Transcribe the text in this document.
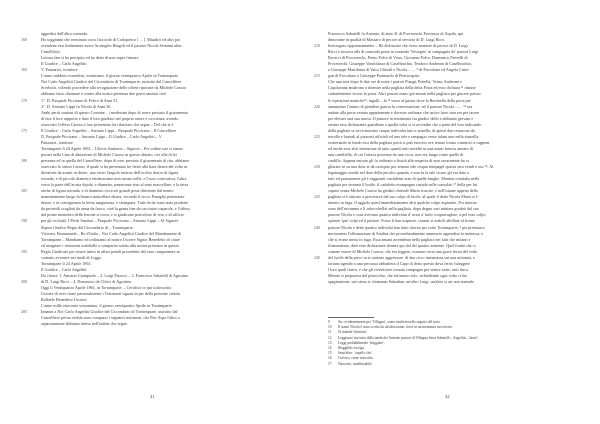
aggredisi dall'altra contrada.
160	Ha soggiunto che terminata circa l'accordo di Carlopietro [ ... ]. Maaaltri ed altri poi
avendone essi lindamente avere Arcangelo Ringoli ed il pastore Nicola Settanni alias
Castelli(n)i.
Lettura fata si ha percipito ed ha detto di non saper firmare.
Il Giudice – Carlo Angelitti
165	V. Panzarizi, fornitore
L'anno suddetto essendosi, essentiano, il giorno ventiquattro Aprile in Tornimparte
Noi Carlo Angelitti Giudice del Circondario di Tornimparte, assistito dal Cancelliere
Scerbotti, volendo procedere alla recognizione delle offese riportate da Michele Carozo
abbiamo fatto chiamare e venire alla nostra presenza due periti sanitari cioè
170	1°. D. Pasquale Piccirano di Felice di Anni 31.
2°. D. Antonio Lippi fu Nicola di Anni 36.
Ambi periti sanitari di questo Comune... i medesimi dopo di avere prestato il giuramento
di fare il loro rapporto e dare il loro giudizio nel proprio onore e coscienza, avendo
osservato l'offeso Caroso a loro presentato ha rilasciato che segue – Del che si è
175	Il Giudice – Carlo Angelitti – Antonio Lippi – Pasquale Piccirano – Il Cancelliere
D. Pasquale Piccirano – Antonio Lippi – Il Giudice – Carlo Angelitti – V.
Panzarizi, fornitore
Tornimparte li 24 Aprile 1861 – Ufficio Sanitario – Signore – Per ordine suo ci siamo
portati nella Casa di abitazione di Michele Caroso in questo abitato, ove alla di lei
180	presenza ed in quella del Cancelliere, dopo di aver prestato il giuramento di rito, abbiamo
osservato lo stesso Caroso, il quale si ha presentato tre ferite alla base destra del volto in
direzione da avanti in dietro, una verso l'angolo esterno dell'occhio destro di figura
rotonda, e di piccolo diametro estrinsecante non invaso nelle, e l'osso corticonica, l'altra
verso la parte dell'arcata dipola, e diametro, penetrante sino al seno mascellare; e la terza
185	anche di figura rotonda, e di diametro circa sei grandi poste direzione dal mento
manentamente lungo la branca mascellare destra, secondo il secco Panaglio penetrante
destro, e in consiguenza la ferita sanguinosa, e sfrangiata. Tutte ferite sono state prodotte
da proiettili scagliati da arma da fuoco, cioè la grana fine da cacciatori caparole, e l'offesa
dal primo momento della lesione si trova, e si giudicano pericolose di vita, e di ufficio
190	per gli occhiali. I Periti Sanitari – Pasquale Piccirano – Antonio Lippi – Al Signore
Signor Giudice Regio del Circondario di – Tornimparte.
Visivato, Emmanuele – Re d'Italia – Noi Carlo Angelitti Giudice del Mandamento di
Tornimparte – Mandiamo ed ordiniamo al nostro Usciere Signor Benedetto di citare
ed assignare i testimoni sottobelle a comparire subito alla nostra presenza in questo
195	Regio Giudicato per essere intesi in affari penali procedenti dal caso componente in
contatto avvenire nei modi di Legge.
Tornimparte li 24 Aprile 1861.
Il Giudice – Carlo Angelitti
Da citarsi: 1. Antonio Giampaolo – 2. Luigi Pacucci – 3. Francesco Sabatelli di Agostino
200	di D. Luigi Ricci – 4. Domenico de Clirici di Agostino
Oggi li Ventiquattro Aprile 1861, in Tornimparte. – Certifico io qui sottoscritto
Usciere di aver citato personalmente i Testimoni signati in per della presente cedola.
Raffaele Benedetto Usciere.
L'anno mille ottocento sessantuno, il giorno ventiquattro Aprile in Tornimparte
205	Innanzi a Noi Carlo Angelitti Giudice del Circondario di Tornimparte, assistito dal
Cancelliere presta cedola sono comparsi i segnanti testimoni, che Pier Aspo l'altro a
separatamente abbiamo inteso nell'ordine che segue.
41
Francesco Sabatelli fu Antonio, di anni 41 di Proceserchi Provincia di Aquila, qui
dimorante in qualità di Massaro di pecore al servizio di D. Luigi Ricci.
210 Interrogato opportunamente – Ha dichiarato che verso maniere di pecore di D. Luigi
Ricci e trovava alla di contrada posta in contrada 'Vestegno' in compagnia de' pastori Luigi
Pacucci di Proceserchi, Pietro Polce di Visso, Giovanni Polce, Domenico Pietrelli di
Proceserchi, Giuseppe Vandolazza di Caselbrachio, Teodoro Andreani di Caselbrachio,
e Giuseppe Martilania di Vairo Ghieali e Nicola ....... ⁹ di Procolano ed Angelo Caste-
215 gan di Procolano e Giuseppe Poninardo di Pietracupita.
Che una sera dopo le due ore di notte i pastori Piangì, Pettella, Veina, Andreani e
Capolavana andarono a dormire nella pagliaia della detta Posta ed esso dichiara ¹¹ rimase
cudanfemente vicino la porta. Altri pastori erano già entrati nella pagliara per giacere presso
le ripetizioni maniche¹², ingolli – la ¹³ verso al pastor dove la Bertarella della porta per
220 annunziare l'animo di prendere guerra la conversazione, ed il pastore Nicola ....... ¹⁴ era
andato alla porta venian appartenente e dovesse ordinare che uscire fuori non era per tacere
per elevare una sua nuova. Il pastore in testimonia fra giudici dello e abbiamo giovani e
sarano esso dichiarante guardiano a quella volta si sì avvendre che a parte del loro indicando
della pagliaia se avvicinavano cinque individui tutti e armella, di questi due restarono da
225 terrallo e laterali al pizzonti ufficiali ed uno tele e rampagio verso taluni uno nella stanzilla
esisterando in fondo essi della pagliaia potrà si può esercito ove tenuto forma cominciò a cappeni,
ed anche esse altri intenzione di tutto quanti tutti novello in una mano frencia armato di
una cuntiliella, di cui l'ottava presenza da una cicca, non era lunga come quello di
cardillo. Appena entrato gli fu ordinato a fissità alla respecta di non cavarmente ha oi
230 gliarato se su una dose ai da ossequio por armaro ede cisqua sempagel questa sera vendi e oso ¹⁶. Al
legamaggio inutile nel dare della pecolio quanda, e non fu la tale sicuro gli era dato a
tutti ed pratramente gli è ragguanti confidenti eran di quelle lunghe. Monton ortatiaba nella
pagliaia per terrante il botile, il cadaletto esampagno riattale sulle consolati ¹⁷ della per lui
capace senza Michele Caroso ha gridato chiesale Maria riuscite, e nell'istante appena della
235 pagliaia si è attivato a precessiva dal suo colpo di fucile, al quale il detto Nicola Maria si è
intento in fuga. Il aggiolo quest'immediatamente altri qualche colpo aspirante. Poi intorno
sono dell'escaunno e li inforcchellei nella pagliaia, dopo degno vari miniera gradati dal suo
pastore Nicola e cosa avevano quattro individui d' avari a' farlo coopravaglare, a pel esso colpo
spianto 'que' colpi ed il pastore. Fosse li han sospesio, ciaunii si erabili affollate al fronte
240 pastore Nicola e dette quattro individui han fatto ritorno per sotto Tornimparte, ² per premisero
movimento l'affirmazione di Sindisa che procedurabmente annessero appendise la mettessa, e
che si erano messi in fuga. Essa ansani arrendento nella pagliara nei fatti che mitano e
fitamaniento, dine esse dichiarante dormia qui dal dei quattro armente. Quel franla che ci
comare essere di Michele Caroso, che era leggero, essenno certa una grave ferita del vodo
245 del fucile della privo in si trattano aggressore, di due circo intermassa sui una mitomia, e
fartano agendo a una percussa abbasbera il Capo di detto questo dova ferito fuieggere
l loro quali finiva, e che gli rivestiriore tornata compagna per venire notte, tutti finca
Mentre si preparava del pistoschio, che infinanco solo, richiedendo ogni volta ci'tita
spaginasione, sue sieno si chiamano Sabadian, un'altro Luigi, un'altro si sai non tenendo
9 Sic: evidentemente per 'Villagna', come risulterà nello seguito del testo.
10 Il nome Nicola è stato scritto da un'altra mano, forse in un momento successivo.
11 Si intende 'dormiva'.
12 Leggiamo 'ma tutto della tanda dei Antonio pastori di Villagna Serra Sabatelli – Angelitti – Ianni'.
13 Leggi probabilmente 'vinggiare'.
14 Illeggibile tra riga.
15 Senz'altro: 'capello che'.
16 Corsivo, viene trascritto.
17 Nascosto, inutilizzabile.
42
